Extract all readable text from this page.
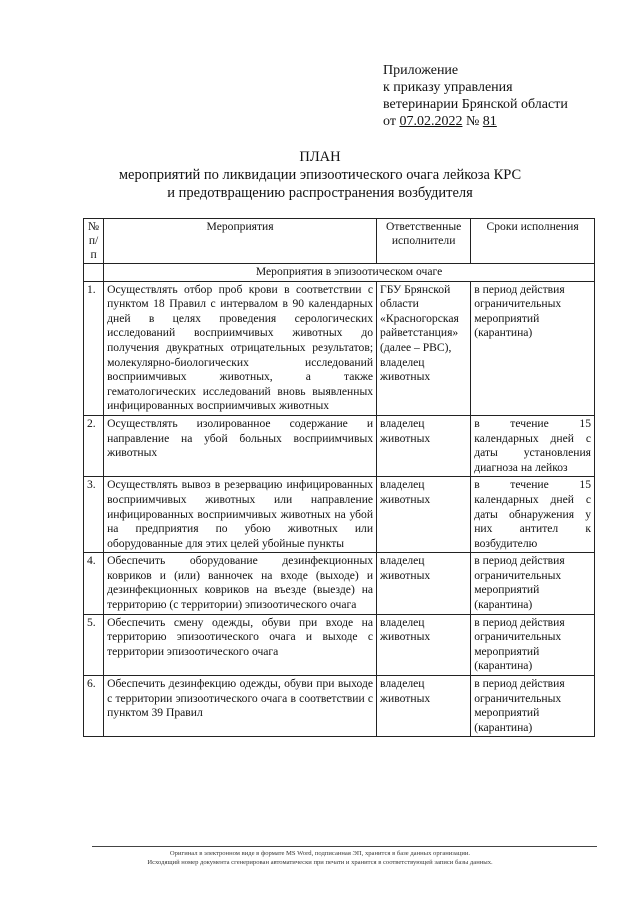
Приложение
к приказу управления
ветеринарии Брянской области
от 07.02.2022 № 81
ПЛАН
мероприятий по ликвидации эпизоотического очага лейкоза КРС
и предотвращению распространения возбудителя
№ п/п	Мероприятия	Ответственные исполнители	Сроки исполнения
	Мероприятия в эпизоотическом очаге		
1.	Осуществлять отбор проб крови в соответствии с пунктом 18 Правил с интервалом в 90 календарных дней в целях проведения серологических исследований восприимчивых животных до получения двукратных отрицательных результатов; молекулярно-биологических исследований восприимчивых животных, а также гематологических исследований вновь выявленных инфицированных восприимчивых животных	ГБУ Брянской области «Красногорская райветстанция» (далее – РВС), владелец животных	в период действия ограничительных мероприятий (карантина)
2.	Осуществлять изолированное содержание и направление на убой больных восприимчивых животных	владелец животных	в течение 15 календарных дней с даты установления диагноза на лейкоз
3.	Осуществлять вывоз в резервацию инфицированных восприимчивых животных или направление инфицированных восприимчивых животных на убой на предприятия по убою животных или оборудованные для этих целей убойные пункты	владелец животных	в течение 15 календарных дней с даты обнаружения у них антител к возбудителю
4.	Обеспечить оборудование дезинфекционных ковриков и (или) ванночек на входе (выходе) и дезинфекционных ковриков на въезде (выезде) на территорию (с территории) эпизоотического очага	владелец животных	в период действия ограничительных мероприятий (карантина)
5.	Обеспечить смену одежды, обуви при входе на территорию эпизоотического очага и выходе с территории эпизоотического очага	владелец животных	в период действия ограничительных мероприятий (карантина)
6.	Обеспечить дезинфекцию одежды, обуви при выходе с территории эпизоотического очага в соответствии с пунктом 39 Правил	владелец животных	в период действия ограничительных мероприятий (карантина)
Оригинал в электронном виде в формате MS Word, подписанная ЭП, хранится в базе данных организации.
Исходящий номер документа сгенерирован автоматически при печати и хранится в соответствующей записи базы данных.
